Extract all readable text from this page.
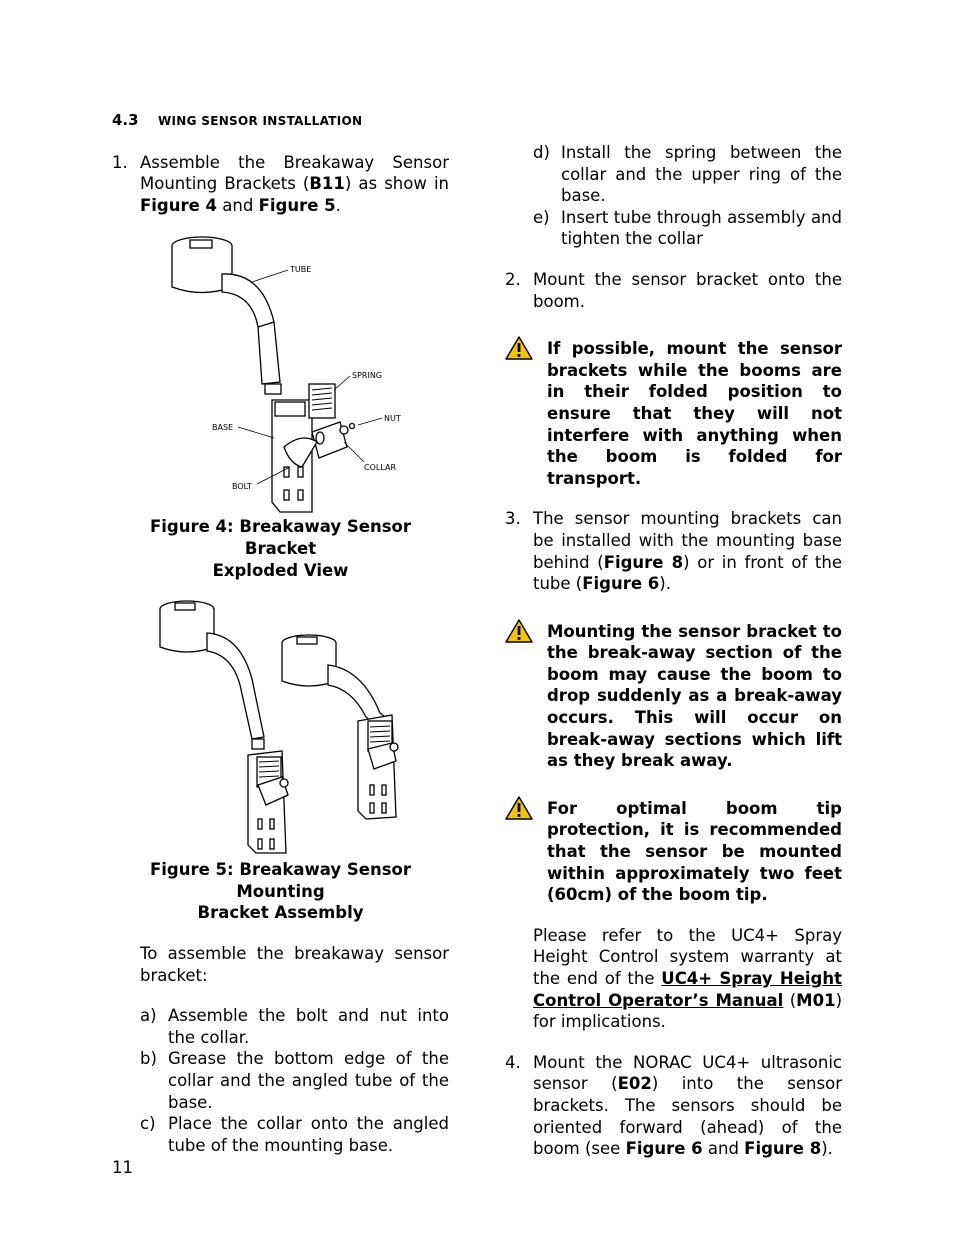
4.3 WING SENSOR INSTALLATION
1. Assemble the Breakaway Sensor Mounting Brackets (B11) as show in Figure 4 and Figure 5.
TUBE
SPRING
NUT
BASE
COLLAR
BOLT
Figure 4: Breakaway Sensor Bracket
Exploded View
Figure 5: Breakaway Sensor Mounting
Bracket Assembly

To assemble the breakaway sensor bracket:

a) Assemble the bolt and nut into the collar.
b) Grease the bottom edge of the collar and the angled tube of the base.
c) Place the collar onto the angled tube of the mounting base.
d) Install the spring between the collar and the upper ring of the base.
e) Insert tube through assembly and tighten the collar
2. Mount the sensor bracket onto the boom.
If possible, mount the sensor brackets while the booms are in their folded position to ensure that they will not interfere with anything when the boom is folded for transport.
3. The sensor mounting brackets can be installed with the mounting base behind (Figure 8) or in front of the tube (Figure 6).
Mounting the sensor bracket to the break-away section of the boom may cause the boom to drop suddenly as a break-away occurs. This will occur on break-away sections which lift as they break away.
For optimal boom tip protection, it is recommended that the sensor be mounted within approximately two feet (60cm) of the boom tip.

Please refer to the UC4+ Spray Height Control system warranty at the end of the UC4+ Spray Height Control Operator’s Manual (M01) for implications.

4. Mount the NORAC UC4+ ultrasonic sensor (E02) into the sensor brackets. The sensors should be oriented forward (ahead) of the boom (see Figure 6 and Figure 8).
11
